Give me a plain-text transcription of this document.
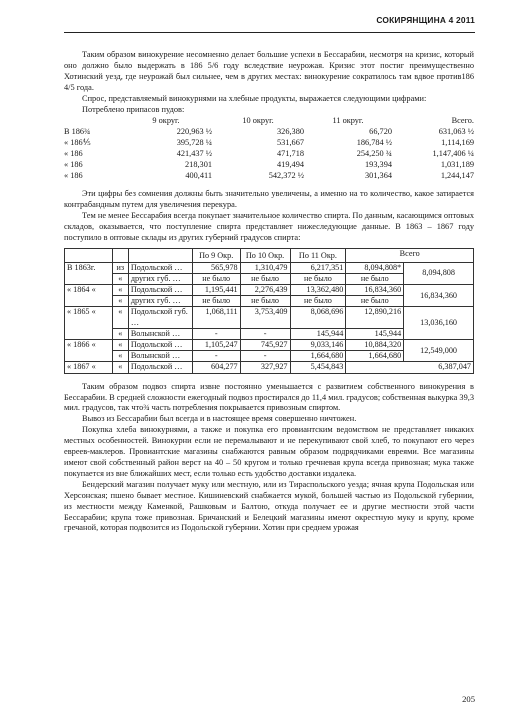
СОКИРЯНЩИНА 4 2011

Таким образом винокурение несомненно делает большие успехи в Бессарабии, несмотря на кризис, который оно должно было выдержать в 186 5/6 году вследствие неурожая. Кризис этот постиг преимущественно Хотинский уезд, где неурожай был сильнее, чем в других местах: винокурение сократилось там вдвое против186 4/5 года.

Спрос, представляемый винокурнями на хлебные продукты, выражается следующими цифрами:

Потреблено припасов пудов:

	9 округ.	10 округ.	11 округ.	Всего.
В 186¾	220,963 ½	326,380	66,720	631,063 ½
« 186⅘	395,728 ¼	531,667	186,784 ½	1,114,169
« 186	421,437 ½	471,718	254,250 ¾	1,147,406 ¼
« 186	218,301	419,494	193,394	1,031,189
« 186	400,411	542,372 ½	301,364	1,244,147

Эти цифры без сомнения должны быть значительно увеличены, а именно на то количество, какое затирается контрабандным путем для увеличения перекура.

Тем не менее Бессарабия всегда покупает значительное количество спирта. По данным, касающимся оптовых складов, оказывается, что поступление спирта представляет нижеследующие данные. В 1863 – 1867 году поступило в оптовые склады из других губерний градусов спирта:

			По 9 Окр.	По 10 Окр.	По 11 Окр.	Всего	
В 1863г.	из	Подольской …	565,978	1,310,479	6,217,351	8,094,808*	8,094,808
	«	других губ. …	не было	не было	не было	не было	
« 1864 «	«	Подольской …	1,195,441	2,276,439	13,362,480	16,834,360	16,834,360
	«	других губ. …	не было	не было	не было	не было	
« 1865 «	«	Подольской губ. …	1,068,111	3,753,409	8,068,696	12,890,216	13,036,160
	«	Волынской …	-	-	145,944	145,944	
« 1866 «	«	Подольской …	1,105,247	745,927	9,033,146	10,884,320	12,549,000
	«	Волынской …	-	-	1,664,680	1,664,680	
« 1867 «	«	Подольской …	604,277	327,927	5,454,843	6,387,047	

Таким образом подвоз спирта извне постоянно уменьшается с развитием собственного винокурения в Бессарабии. В средней сложности ежегодный подвоз простирался до 11,4 мил. градусов; собственная выкурка 39,3 мил. градусов, так что¾ часть потребления покрывается привозным спиртом.

Вывоз из Бессарабии был всегда и в настоящее время совершенно ничтожен.

Покупка хлеба винокурнями, а также и покупка его провиантским ведомством не представляет никаких местных особенностей. Винокурни если не перемалывают и не перекупивают свой хлеб, то покупают его через евреев-маклеров. Провиантские магазины снабжаются равным образом подрядчиками евреями. Все магазины имеют свой собственный район верст на 40 – 50 кругом и только гречневая крупа всегда привозная; мука также покупается из вне ближайших мест, если только есть удобство доставки издалека.

Бендерский магазин получает муку или местную, или из Тираспольского уезда; ячная крупа Подольская или Херсонская; пшено бывает местное. Кишиневский снабжается мукой, большей частью из Подольской губернии, из местности между Каменкой, Рашковым и Балтою, откуда получает ее и другие местности этой части Бессарабии; крупа тоже привозная. Бричанский и Белецкий магазины имеют окрестную муку и крупу, кроме гречаной, которая подвозится из Подольской губернии. Хотин при среднем урожая

205
